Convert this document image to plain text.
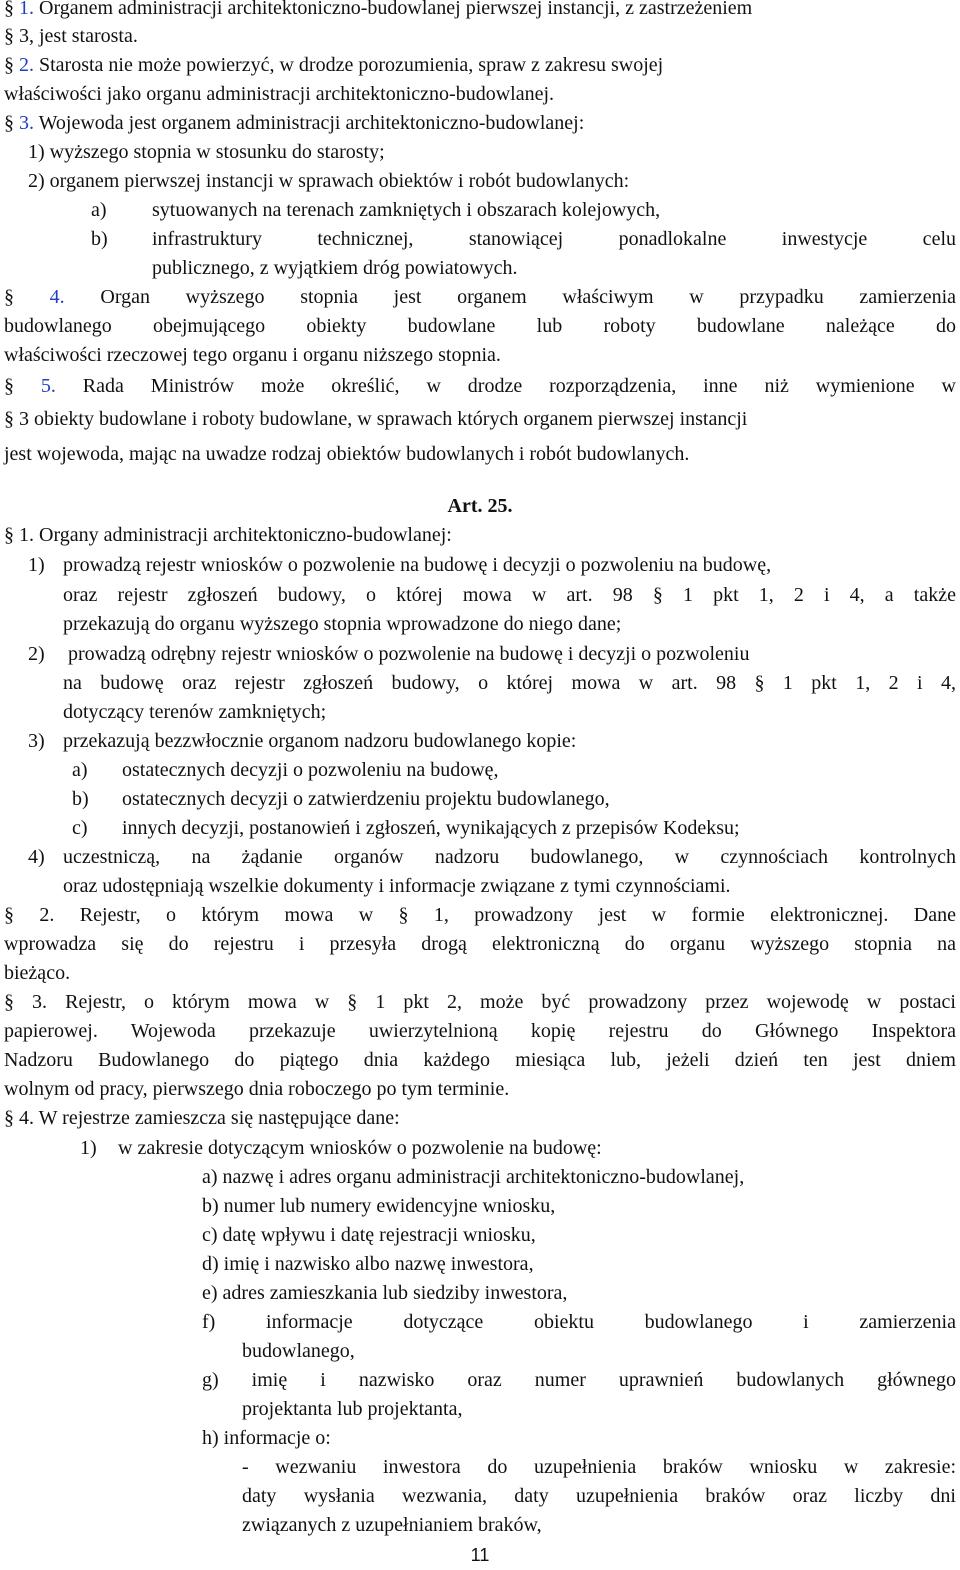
§ 1. Organem administracji architektoniczno-budowlanej pierwszej instancji, z zastrzeżeniem
§ 3, jest starosta.
§ 2. Starosta nie może powierzyć, w drodze porozumienia, spraw z zakresu swojej
właściwości jako organu administracji architektoniczno-budowlanej.
§ 3. Wojewoda jest organem administracji architektoniczno-budowlanej:
1) wyższego stopnia w stosunku do starosty;
2) organem pierwszej instancji w sprawach obiektów i robót budowlanych:
a) sytuowanych na terenach zamkniętych i obszarach kolejowych,
b) infrastruktury technicznej, stanowiącej ponadlokalne inwestycje celu
publicznego, z wyjątkiem dróg powiatowych.
§ 4. Organ wyższego stopnia jest organem właściwym w przypadku zamierzenia
budowlanego obejmującego obiekty budowlane lub roboty budowlane należące do
właściwości rzeczowej tego organu i organu niższego stopnia.
§ 5. Rada Ministrów może określić, w drodze rozporządzenia, inne niż wymienione w
§ 3 obiekty budowlane i roboty budowlane, w sprawach których organem pierwszej instancji
jest wojewoda, mając na uwadze rodzaj obiektów budowlanych i robót budowlanych.
Art. 25.
§ 1. Organy administracji architektoniczno-budowlanej:
1) prowadzą rejestr wniosków o pozwolenie na budowę i decyzji o pozwoleniu na budowę,
oraz rejestr zgłoszeń budowy, o której mowa w art. 98 § 1 pkt 1, 2 i 4, a także
przekazują do organu wyższego stopnia wprowadzone do niego dane;
2) prowadzą odrębny rejestr wniosków o pozwolenie na budowę i decyzji o pozwoleniu
na budowę oraz rejestr zgłoszeń budowy, o której mowa w art. 98 § 1 pkt 1, 2 i 4,
dotyczący terenów zamkniętych;
3) przekazują bezzwłocznie organom nadzoru budowlanego kopie:
a) ostatecznych decyzji o pozwoleniu na budowę,
b) ostatecznych decyzji o zatwierdzeniu projektu budowlanego,
c) innych decyzji, postanowień i zgłoszeń, wynikających z przepisów Kodeksu;
4) uczestniczą, na żądanie organów nadzoru budowlanego, w czynnościach kontrolnych
oraz udostępniają wszelkie dokumenty i informacje związane z tymi czynnościami.
§ 2. Rejestr, o którym mowa w § 1, prowadzony jest w formie elektronicznej. Dane
wprowadza się do rejestru i przesyła drogą elektroniczną do organu wyższego stopnia na
bieżąco.
§ 3. Rejestr, o którym mowa w § 1 pkt 2, może być prowadzony przez wojewodę w postaci
papierowej. Wojewoda przekazuje uwierzytelnioną kopię rejestru do Głównego Inspektora
Nadzoru Budowlanego do piątego dnia każdego miesiąca lub, jeżeli dzień ten jest dniem
wolnym od pracy, pierwszego dnia roboczego po tym terminie.
§ 4. W rejestrze zamieszcza się następujące dane:
1) w zakresie dotyczącym wniosków o pozwolenie na budowę:
a) nazwę i adres organu administracji architektoniczno-budowlanej,
b) numer lub numery ewidencyjne wniosku,
c) datę wpływu i datę rejestracji wniosku,
d) imię i nazwisko albo nazwę inwestora,
e) adres zamieszkania lub siedziby inwestora,
f) informacje dotyczące obiektu budowlanego i zamierzenia
budowlanego,
g) imię i nazwisko oraz numer uprawnień budowlanych głównego
projektanta lub projektanta,
h) informacje o:
- wezwaniu inwestora do uzupełnienia braków wniosku w zakresie:
daty wysłania wezwania, daty uzupełnienia braków oraz liczby dni
związanych z uzupełnianiem braków,
11
